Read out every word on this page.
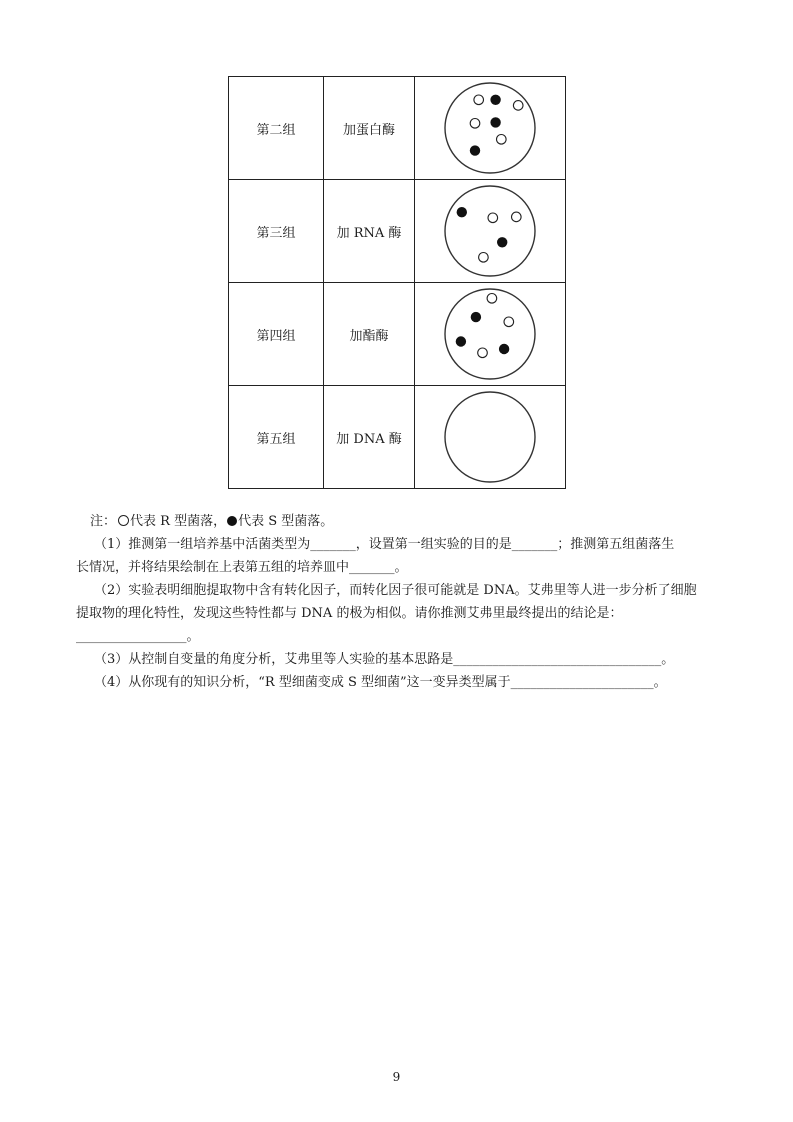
第二组	加蛋白酶	

第三组	加 RNA 酶	

第四组	加酯酶	

第五组	加 DNA 酶	

注： 代表 R 型菌落， 代表 S 型菌落。

（1）推测第一组培养基中活菌类型为_______，设置第一组实验的目的是_______；推测第五组菌落生

长情况，并将结果绘制在上表第五组的培养皿中_______。

（2）实验表明细胞提取物中含有转化因子，而转化因子很可能就是 DNA。艾弗里等人进一步分析了细胞

提取物的理化特性，发现这些特性都与 DNA 的极为相似。请你推测艾弗里最终提出的结论是：

_________________。

（3）从控制自变量的角度分析，艾弗里等人实验的基本思路是________________________________。

（4）从你现有的知识分析，“R 型细菌变成 S 型细菌”这一变异类型属于______________________。

9
